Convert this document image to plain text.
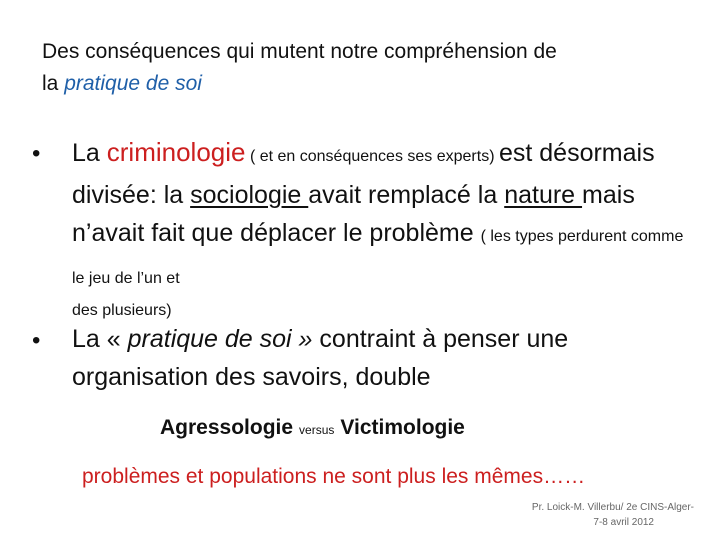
Des conséquences qui mutent notre compréhension de
la pratique de soi
•	La criminologie ( et en conséquences ses experts) est désormais divisée: la sociologie avait remplacé la nature mais n’avait fait que déplacer le problème ( les types perdurent comme le jeu de l’un et
des plusieurs)
•	La « pratique de soi » contraint à penser une organisation des savoirs, double
Agressologie versus Victimologie
problèmes et populations ne sont plus les mêmes……
Pr. Loick-M. Villerbu/ 2e CINS-Alger-
7-8 avril 2012
